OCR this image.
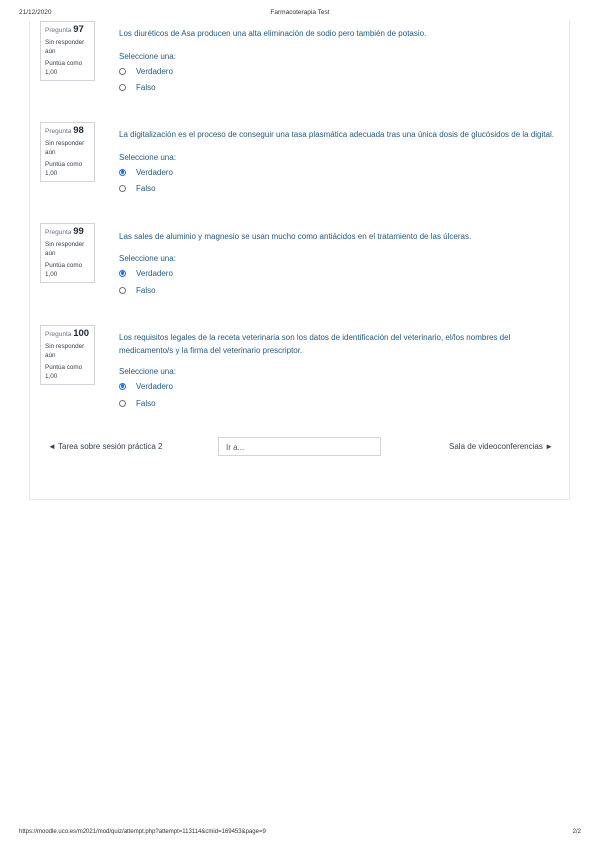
21/12/2020	Farmacoterapia Test
Pregunta 97
Sin responder aún
Puntúa como 1,00
Los diuréticos de Asa producen una alta eliminación de sodio pero también de potasio.
Seleccione una:
Verdadero
Falso
Pregunta 98
Sin responder aún
Puntúa como 1,00
La digitalización es el proceso de conseguir una tasa plasmática adecuada tras una única dosis de glucósidos de la digital.
Seleccione una:
Verdadero
Falso
Pregunta 99
Sin responder aún
Puntúa como 1,00
Las sales de aluminio y magnesio se usan mucho como antiácidos en el tratamiento de las úlceras.
Seleccione una:
Verdadero
Falso
Pregunta 100
Sin responder aún
Puntúa como 1,00
Los requisitos legales de la receta veterinaria son los datos de identificación del veterinario, el/los nombres del medicamento/s y la firma del veterinario prescriptor.
Seleccione una:
Verdadero
Falso
◄ Tarea sobre sesión práctica 2	Ir a...	Sala de videoconferencias ►
https://moodle.uco.es/m2021/mod/quiz/attempt.php?attempt=113114&cmid=169453&page=9	2/2
